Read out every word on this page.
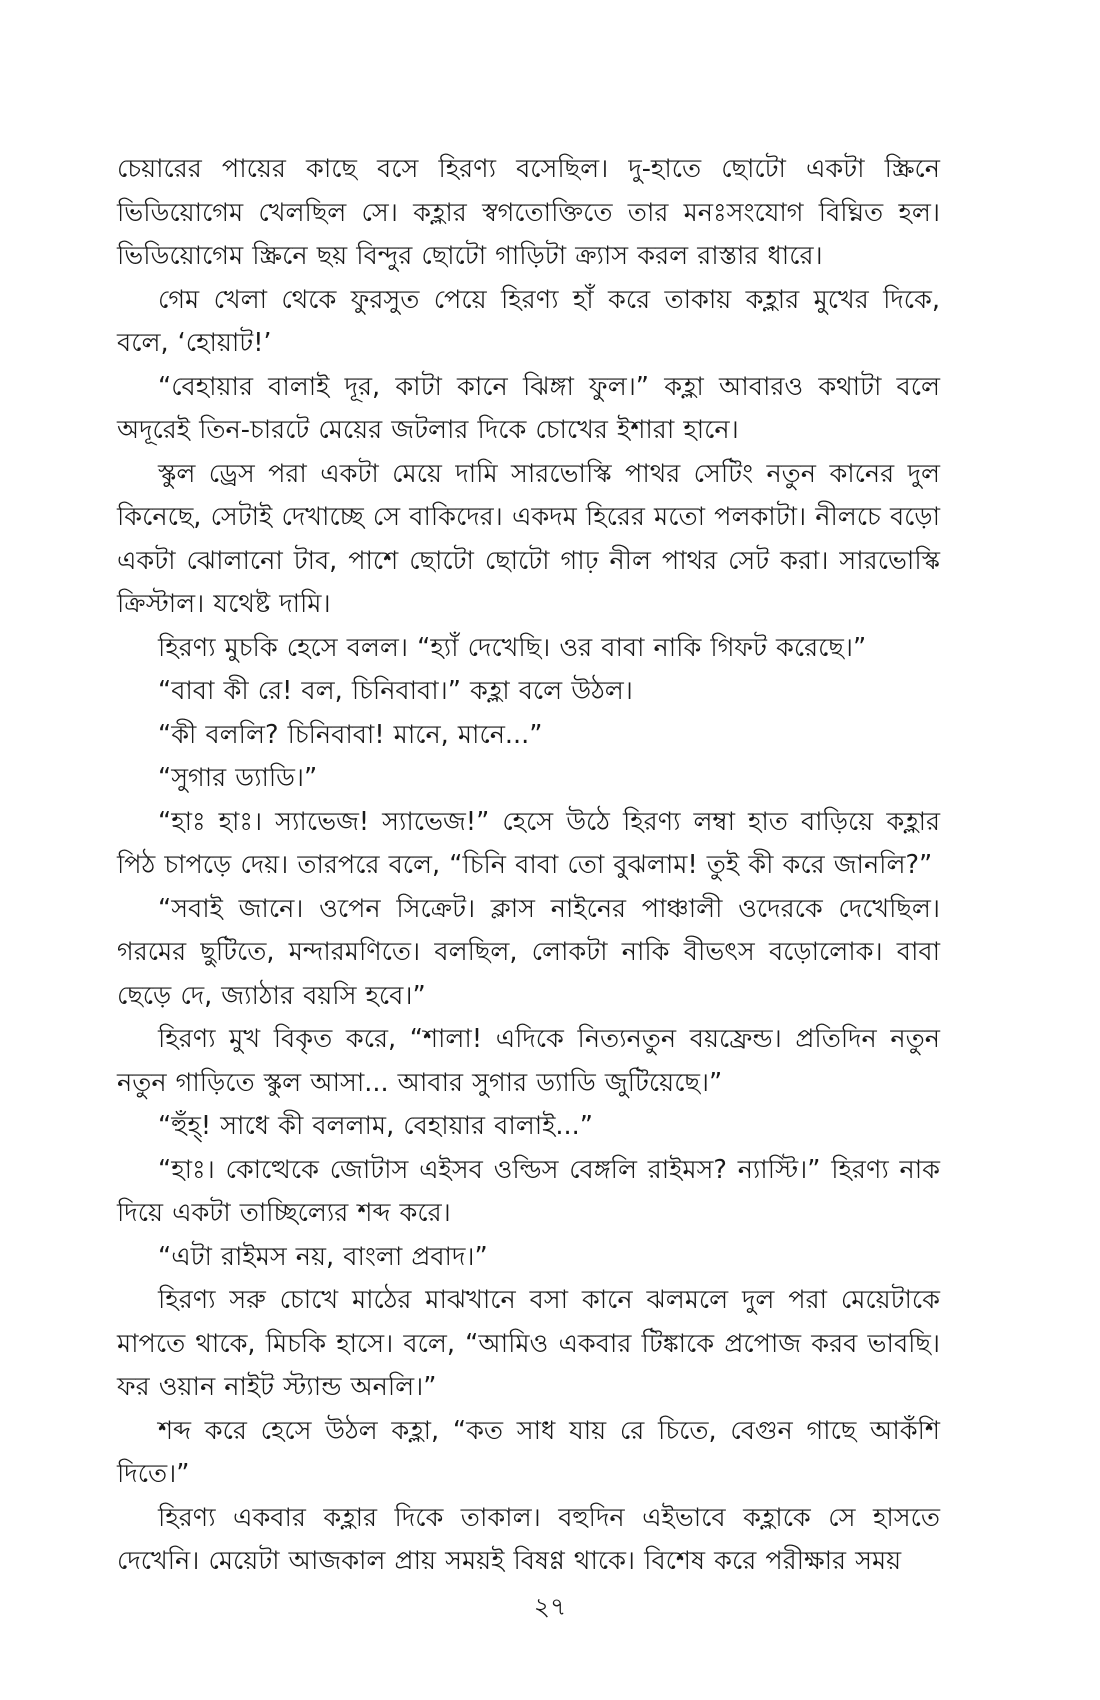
চেয়ারের পায়ের কাছে বসে হিরণ্য বসেছিল। দু-হাতে ছোটো একটা স্ক্রিনে ভিডিয়োগেম খেলছিল সে। কহ্লার স্বগতোক্তিতে তার মনঃসংযোগ বিঘ্নিত হল। ভিডিয়োগেম স্ক্রিনে ছয় বিন্দুর ছোটো গাড়িটা ক্র্যাস করল রাস্তার ধারে।

গেম খেলা থেকে ফুরসুত পেয়ে হিরণ্য হাঁ করে তাকায় কহ্লার মুখের দিকে, বলে, ‘হোয়াট!’

“বেহায়ার বালাই দূর, কাটা কানে ঝিঙ্গা ফুল।” কহ্লা আবারও কথাটা বলে অদূরেই তিন-চারটে মেয়ের জটলার দিকে চোখের ইশারা হানে।

স্কুল ড্রেস পরা একটা মেয়ে দামি সারভোস্কি পাথর সেটিং নতুন কানের দুল কিনেছে, সেটাই দেখাচ্ছে সে বাকিদের। একদম হিরের মতো পলকাটা। নীলচে বড়ো একটা ঝোলানো টাব, পাশে ছোটো ছোটো গাঢ় নীল পাথর সেট করা। সারভোস্কি ক্রিস্টাল। যথেষ্ট দামি।

হিরণ্য মুচকি হেসে বলল। “হ্যাঁ দেখেছি। ওর বাবা নাকি গিফট করেছে।”

“বাবা কী রে! বল, চিনিবাবা।” কহ্লা বলে উঠল।

“কী বললি? চিনিবাবা! মানে, মানে...”

“সুগার ড্যাডি।”

“হাঃ হাঃ। স্যাভেজ! স্যাভেজ!” হেসে উঠে হিরণ্য লম্বা হাত বাড়িয়ে কহ্লার পিঠ চাপড়ে দেয়। তারপরে বলে, “চিনি বাবা তো বুঝলাম! তুই কী করে জানলি?”

“সবাই জানে। ওপেন সিক্রেট। ক্লাস নাইনের পাঞ্চালী ওদেরকে দেখেছিল। গরমের ছুটিতে, মন্দারমণিতে। বলছিল, লোকটা নাকি বীভৎস বড়োলোক। বাবা ছেড়ে দে, জ্যাঠার বয়সি হবে।”

হিরণ্য মুখ বিকৃত করে, “শালা! এদিকে নিত্যনতুন বয়ফ্রেন্ড। প্রতিদিন নতুন নতুন গাড়িতে স্কুল আসা... আবার সুগার ড্যাডি জুটিয়েছে।”

“হুঁহ্! সাধে কী বললাম, বেহায়ার বালাই...”

“হাঃ। কোত্থেকে জোটাস এইসব ওল্ডিস বেঙ্গলি রাইমস? ন্যাস্টি।” হিরণ্য নাক দিয়ে একটা তাচ্ছিল্যের শব্দ করে।

“এটা রাইমস নয়, বাংলা প্রবাদ।”

হিরণ্য সরু চোখে মাঠের মাঝখানে বসা কানে ঝলমলে দুল পরা মেয়েটাকে মাপতে থাকে, মিচকি হাসে। বলে, “আমিও একবার টিঙ্কাকে প্রপোজ করব ভাবছি। ফর ওয়ান নাইট স্ট্যান্ড অনলি।”

শব্দ করে হেসে উঠল কহ্লা, “কত সাধ যায় রে চিতে, বেগুন গাছে আকঁশি দিতে।”

হিরণ্য একবার কহ্লার দিকে তাকাল। বহুদিন এইভাবে কহ্লাকে সে হাসতে দেখেনি। মেয়েটা আজকাল প্রায় সময়ই বিষণ্ণ থাকে। বিশেষ করে পরীক্ষার সময়

২৭
